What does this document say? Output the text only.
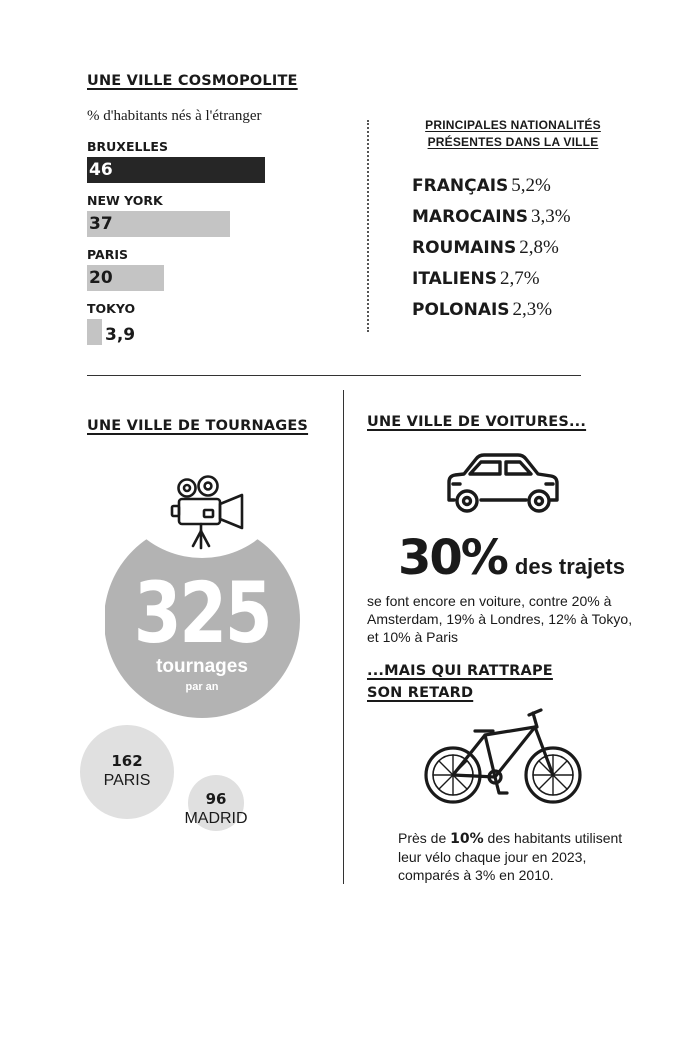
UNE VILLE COSMOPOLITE
% d'habitants nés à l'étranger
BRUXELLES
46
NEW YORK
37
PARIS
20
TOKYO
3,9
PRINCIPALES NATIONALITÉS
PRÉSENTES DANS LA VILLE
FRANÇAIS 5,2%
MAROCAINS 3,3%
ROUMAINS 2,8%
ITALIENS 2,7%
POLONAIS 2,3%
UNE VILLE DE TOURNAGES
325
tournages
par an
162
PARIS
96
MADRID
UNE VILLE DE VOITURES...
30% des trajets
se font encore en voiture, contre 20% à Amsterdam, 19% à Londres, 12% à Tokyo, et 10% à Paris
...MAIS QUI RATTRAPE
SON RETARD
Près de 10% des habitants utilisent leur vélo chaque jour en 2023, comparés à 3% en 2010.
